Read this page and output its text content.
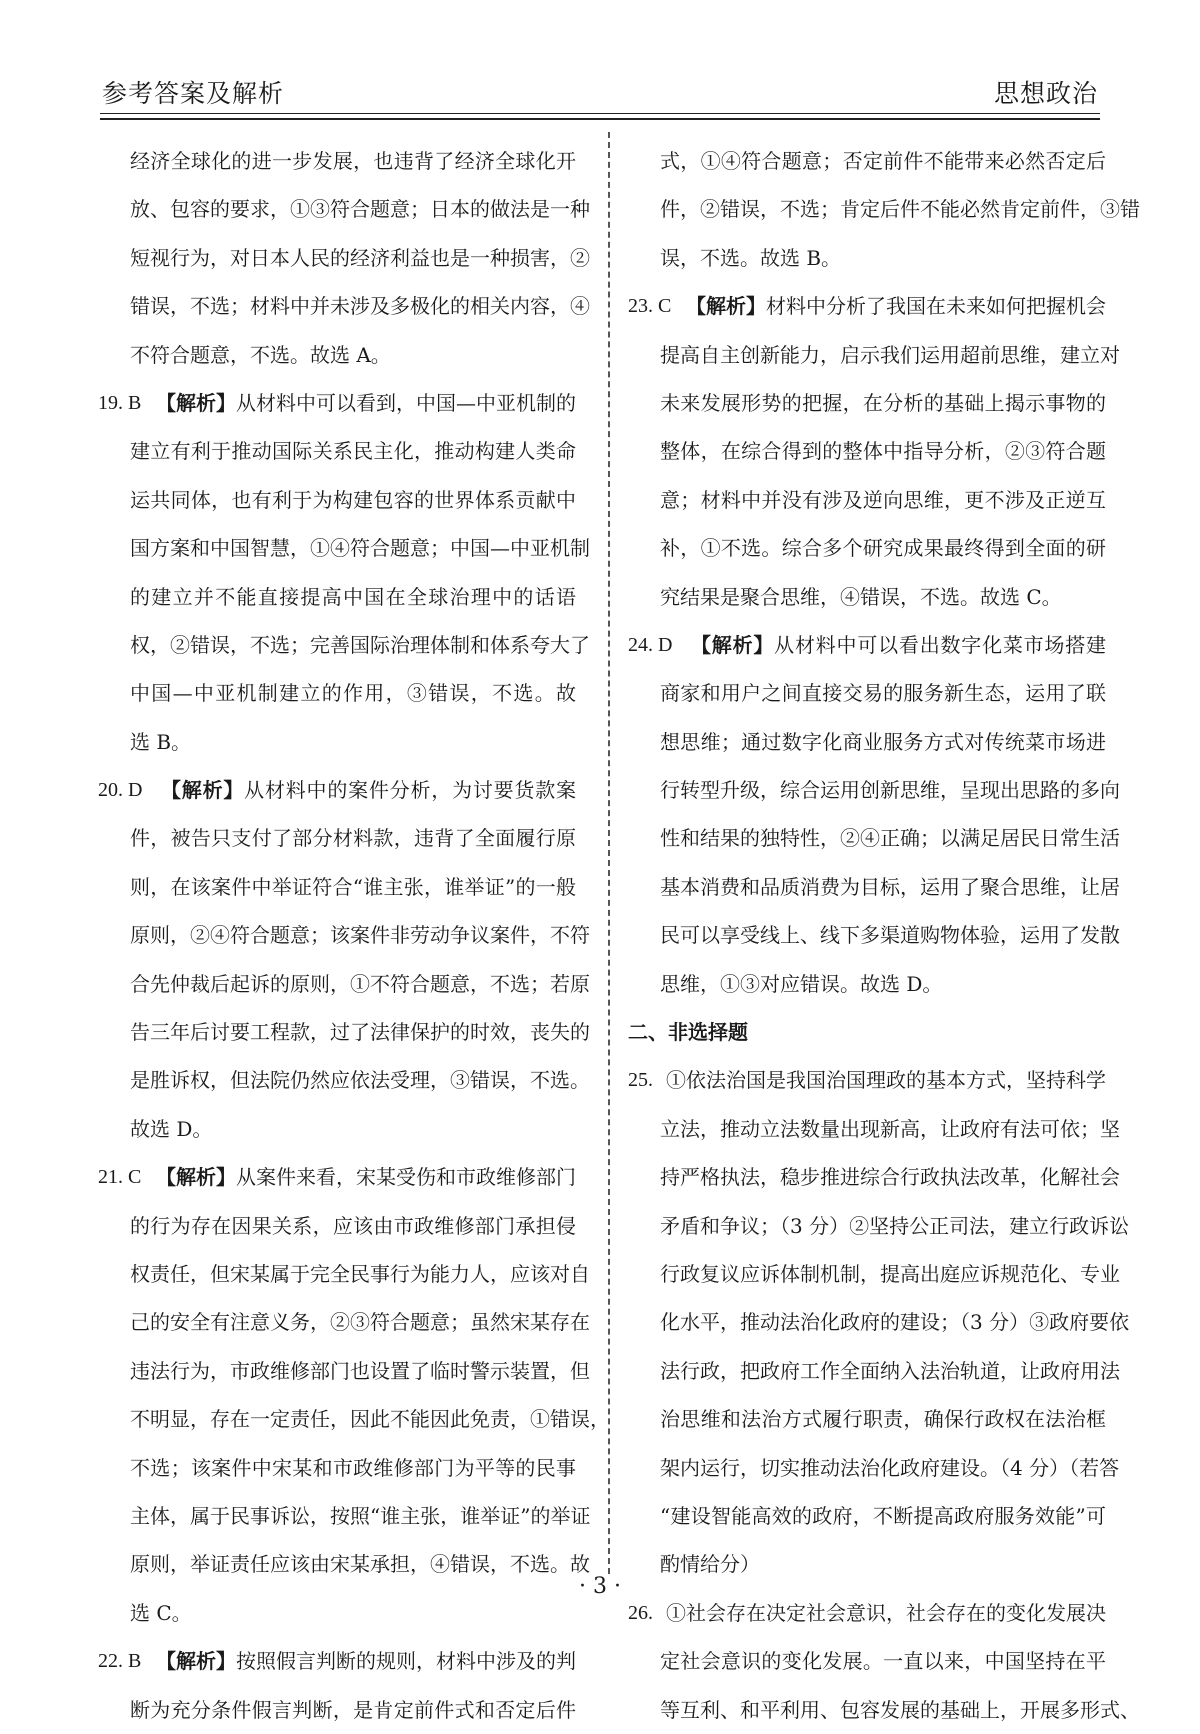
参考答案及解析	思想政治
经济全球化的进一步发展，也违背了经济全球化开
放、包容的要求，①③符合题意；日本的做法是一种
短视行为，对日本人民的经济利益也是一种损害，②
错误，不选；材料中并未涉及多极化的相关内容，④
不符合题意，不选。故选 A。
19. B 【解析】从材料中可以看到，中国—中亚机制的
建立有利于推动国际关系民主化，推动构建人类命
运共同体，也有利于为构建包容的世界体系贡献中
国方案和中国智慧，①④符合题意；中国—中亚机制
的建立并不能直接提高中国在全球治理中的话语
权，②错误，不选；完善国际治理体制和体系夸大了
中国—中亚机制建立的作用，③错误，不选。故
选 B。
20. D 【解析】从材料中的案件分析，为讨要货款案
件，被告只支付了部分材料款，违背了全面履行原
则，在该案件中举证符合“谁主张，谁举证”的一般
原则，②④符合题意；该案件非劳动争议案件，不符
合先仲裁后起诉的原则，①不符合题意，不选；若原
告三年后讨要工程款，过了法律保护的时效，丧失的
是胜诉权，但法院仍然应依法受理，③错误，不选。
故选 D。
21. C 【解析】从案件来看，宋某受伤和市政维修部门
的行为存在因果关系，应该由市政维修部门承担侵
权责任，但宋某属于完全民事行为能力人，应该对自
己的安全有注意义务，②③符合题意；虽然宋某存在
违法行为，市政维修部门也设置了临时警示装置，但
不明显，存在一定责任，因此不能因此免责，①错误，
不选；该案件中宋某和市政维修部门为平等的民事
主体，属于民事诉讼，按照“谁主张，谁举证”的举证
原则，举证责任应该由宋某承担，④错误，不选。故
选 C。
22. B 【解析】按照假言判断的规则，材料中涉及的判
断为充分条件假言判断，是肯定前件式和否定后件
式，①④符合题意；否定前件不能带来必然否定后
件，②错误，不选；肯定后件不能必然肯定前件，③错
误，不选。故选 B。
23. C 【解析】材料中分析了我国在未来如何把握机会
提高自主创新能力，启示我们运用超前思维，建立对
未来发展形势的把握，在分析的基础上揭示事物的
整体，在综合得到的整体中指导分析，②③符合题
意；材料中并没有涉及逆向思维，更不涉及正逆互
补，①不选。综合多个研究成果最终得到全面的研
究结果是聚合思维，④错误，不选。故选 C。
24. D 【解析】从材料中可以看出数字化菜市场搭建
商家和用户之间直接交易的服务新生态，运用了联
想思维；通过数字化商业服务方式对传统菜市场进
行转型升级，综合运用创新思维，呈现出思路的多向
性和结果的独特性，②④正确；以满足居民日常生活
基本消费和品质消费为目标，运用了聚合思维，让居
民可以享受线上、线下多渠道购物体验，运用了发散
思维，①③对应错误。故选 D。
二、非选择题
25. ①依法治国是我国治国理政的基本方式，坚持科学
立法，推动立法数量出现新高，让政府有法可依；坚
持严格执法，稳步推进综合行政执法改革，化解社会
矛盾和争议；（3 分）②坚持公正司法，建立行政诉讼
行政复议应诉体制机制，提高出庭应诉规范化、专业
化水平，推动法治化政府的建设；（3 分）③政府要依
法行政，把政府工作全面纳入法治轨道，让政府用法
治思维和法治方式履行职责，确保行政权在法治框
架内运行，切实推动法治化政府建设。（4 分）（若答
“建设智能高效的政府，不断提高政府服务效能”可
酌情给分）
26. ①社会存在决定社会意识，社会存在的变化发展决
定社会意识的变化发展。一直以来，中国坚持在平
等互利、和平利用、包容发展的基础上，开展多形式、
· 3 ·
